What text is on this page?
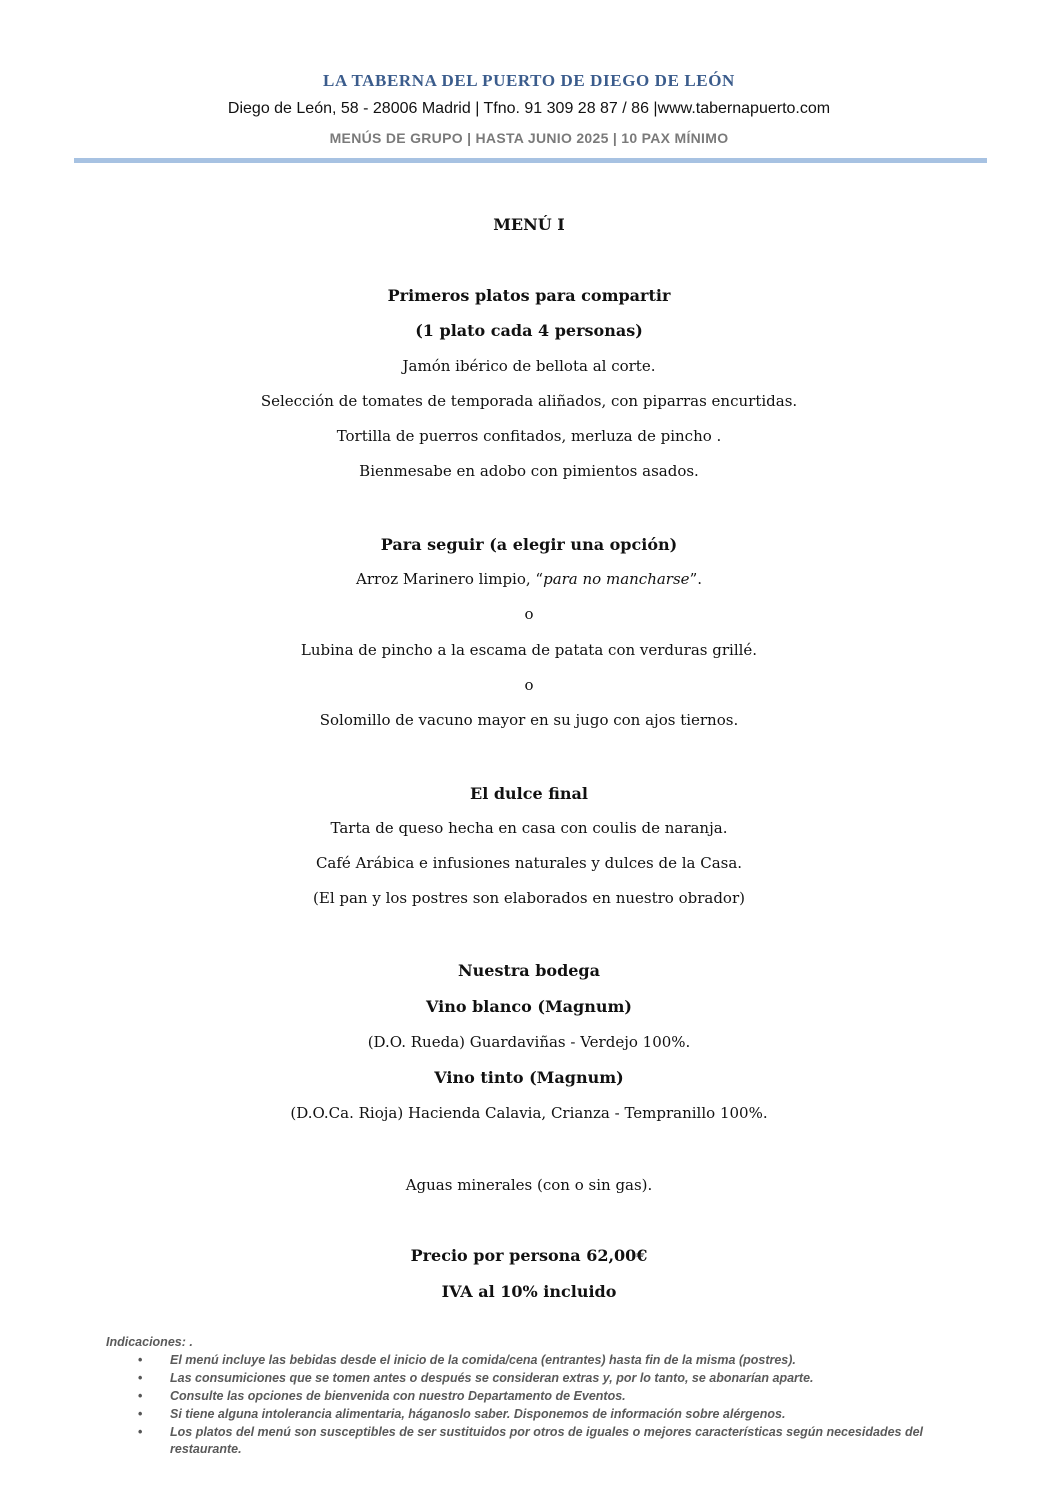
LA TABERNA DEL PUERTO DE DIEGO DE LEÓN
Diego de León, 58 - 28006 Madrid | Tfno. 91 309 28 87 / 86 |www.tabernapuerto.com
MENÚS DE GRUPO | HASTA JUNIO 2025 | 10 PAX MÍNIMO
MENÚ I
Primeros platos para compartir
(1 plato cada 4 personas)
Jamón ibérico de bellota al corte.
Selección de tomates de temporada aliñados, con piparras encurtidas.
Tortilla de puerros confitados, merluza de pincho .
Bienmesabe en adobo con pimientos asados.
Para seguir (a elegir una opción)
Arroz Marinero limpio, “para no mancharse”.
o
Lubina de pincho a la escama de patata con verduras grillé.
o
Solomillo de vacuno mayor en su jugo con ajos tiernos.
El dulce final
Tarta de queso hecha en casa con coulis de naranja.
Café Arábica e infusiones naturales y dulces de la Casa.
(El pan y los postres son elaborados en nuestro obrador)
Nuestra bodega
Vino blanco (Magnum)
(D.O. Rueda) Guardaviñas - Verdejo 100%.
Vino tinto (Magnum)
(D.O.Ca. Rioja) Hacienda Calavia, Crianza - Tempranillo 100%.
Aguas minerales (con o sin gas).
Precio por persona 62,00€
IVA al 10% incluido
Indicaciones: .
• El menú incluye las bebidas desde el inicio de la comida/cena (entrantes) hasta fin de la misma (postres).
• Las consumiciones que se tomen antes o después se consideran extras y, por lo tanto, se abonarían aparte.
• Consulte las opciones de bienvenida con nuestro Departamento de Eventos.
• Si tiene alguna intolerancia alimentaria, háganoslo saber. Disponemos de información sobre alérgenos.
• Los platos del menú son susceptibles de ser sustituidos por otros de iguales o mejores características según necesidades del restaurante.
